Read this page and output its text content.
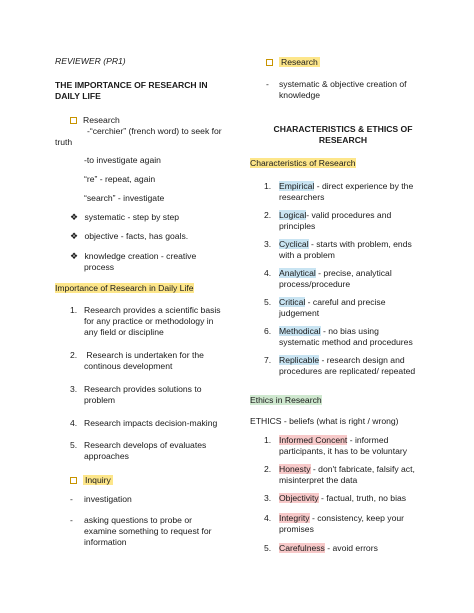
REVIEWER (PR1)
THE IMPORTANCE OF RESEARCH IN
DAILY LIFE
Research
-“cerchier” (french word) to seek for
truth
-to investigate again
“re” - repeat, again
“search” - investigate
❖ systematic - step by step
❖ objective - facts, has goals.
❖ knowledge creation - creative
process
Importance of Research in Daily Life
1. Research provides a scientific basis
for any practice or methodology in
any field or discipline
2. Research is undertaken for the
continous development
3. Research provides solutions to
problem
4. Research impacts decision-making
5. Research develops of evaluates
approaches
Inquiry
- investigation
- asking questions to probe or
examine something to request for
information
Research
- systematic & objective creation of
knowledge
CHARACTERISTICS & ETHICS OF
RESEARCH
Characteristics of Research
1. Empirical - direct experience by the
researchers
2. Logical- valid procedures and
principles
3. Cyclical - starts with problem, ends
with a problem
4. Analytical - precise, analytical
process/procedure
5. Critical - careful and precise
judgement
6. Methodical - no bias using
systematic method and procedures
7. Replicable - research design and
procedures are replicated/ repeated
Ethics in Research
ETHICS - beliefs (what is right / wrong)
1. Informed Concent - informed
participants, it has to be voluntary
2. Honesty - don't fabricate, falsify act,
misinterpret the data
3. Objectivity - factual, truth, no bias
4. Integrity - consistency, keep your
promises
5. Carefulness - avoid errors
